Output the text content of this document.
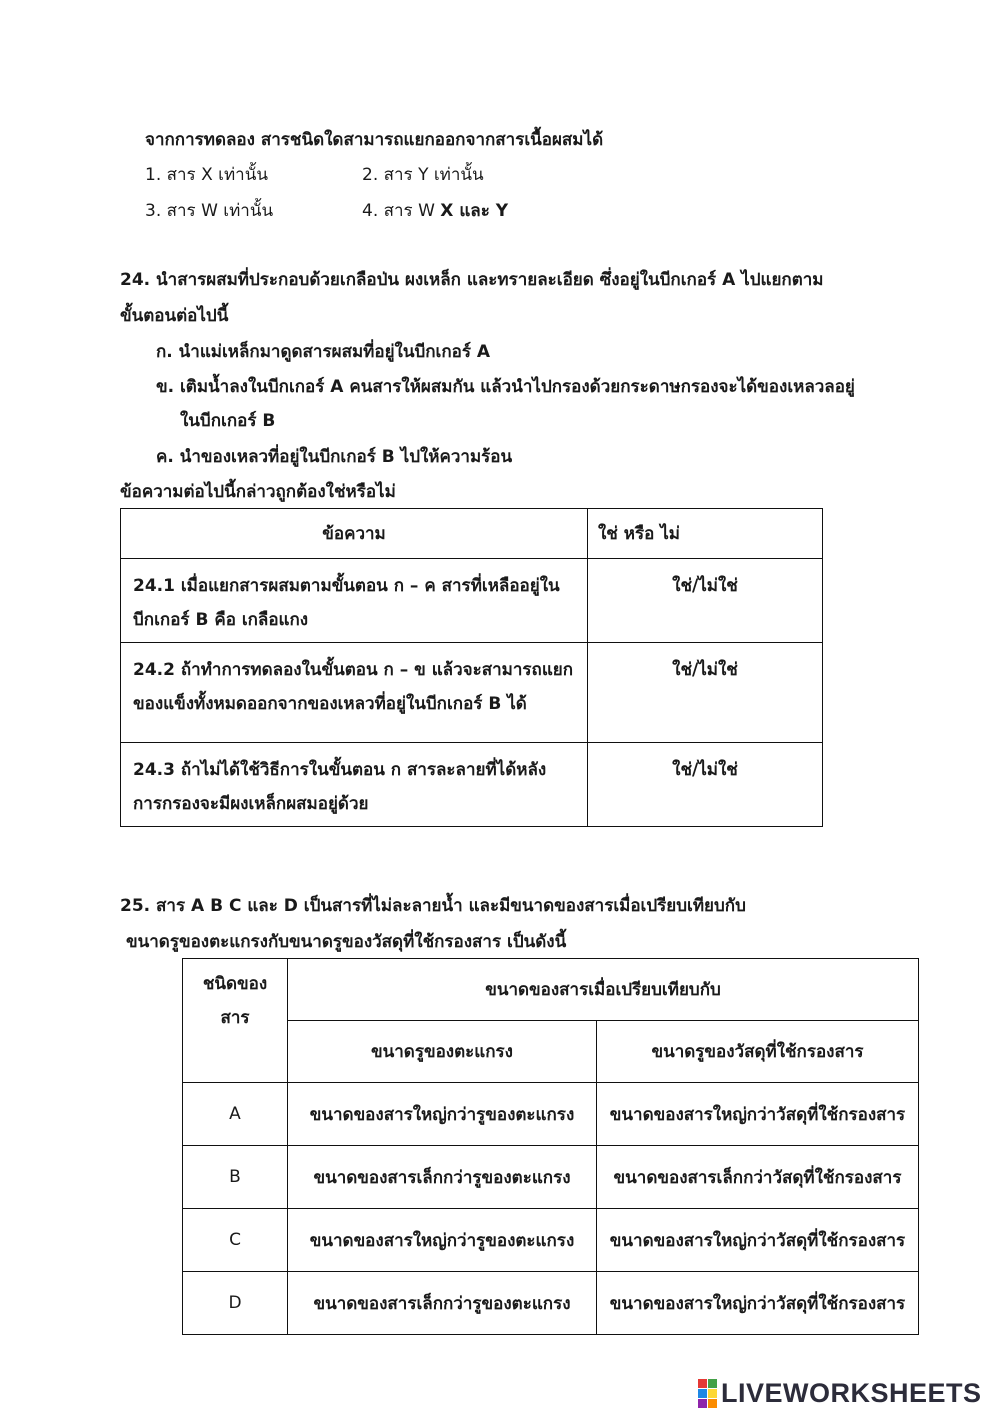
จากการทดลอง สารชนิดใดสามารถแยกออกจากสารเนื้อผสมได้
1. สาร X เท่านั้น	2. สาร Y เท่านั้น
3. สาร W เท่านั้น	4. สาร W X และ Y
24. นำสารผสมที่ประกอบด้วยเกลือป่น ผงเหล็ก และทรายละเอียด ซึ่งอยู่ในบีกเกอร์ A ไปแยกตาม
ขั้นตอนต่อไปนี้
ก. นำแม่เหล็กมาดูดสารผสมที่อยู่ในบีกเกอร์ A
ข. เติมน้ำลงในบีกเกอร์ A คนสารให้ผสมกัน แล้วนำไปกรองด้วยกระดาษกรองจะได้ของเหลวลอยู่
ในบีกเกอร์ B
ค. นำของเหลวที่อยู่ในบีกเกอร์ B ไปให้ความร้อน
ข้อความต่อไปนี้กล่าวถูกต้องใช่หรือไม่
ข้อความ	ใช่ หรือ ไม่

24.1 เมื่อแยกสารผสมตามขั้นตอน ก – ค สารที่เหลืออยู่ใน
บีกเกอร์ B คือ เกลือแกง	ใช่/ไม่ใช่

24.2 ถ้าทำการทดลองในขั้นตอน ก – ข แล้วจะสามารถแยก
ของแข็งทั้งหมดออกจากของเหลวที่อยู่ในบีกเกอร์ B ได้	ใช่/ไม่ใช่

24.3 ถ้าไม่ได้ใช้วิธีการในขั้นตอน ก สารละลายที่ได้หลัง
การกรองจะมีผงเหล็กผสมอยู่ด้วย	ใช่/ไม่ใช่
25. สาร A B C และ D เป็นสารที่ไม่ละลายน้ำ และมีขนาดของสารเมื่อเปรียบเทียบกับ
ขนาดรูของตะแกรงกับขนาดรูของวัสดุที่ใช้กรองสาร เป็นดังนี้
ชนิดของ
สาร	ขนาดของสารเมื่อเปรียบเทียบกับ	
	ขนาดรูของตะแกรง	ขนาดรูของวัสดุที่ใช้กรองสาร
A	ขนาดของสารใหญ่กว่ารูของตะแกรง	ขนาดของสารใหญ่กว่าวัสดุที่ใช้กรองสาร
B	ขนาดของสารเล็กกว่ารูของตะแกรง	ขนาดของสารเล็กกว่าวัสดุที่ใช้กรองสาร
C	ขนาดของสารใหญ่กว่ารูของตะแกรง	ขนาดของสารใหญ่กว่าวัสดุที่ใช้กรองสาร
D	ขนาดของสารเล็กกว่ารูของตะแกรง	ขนาดของสารใหญ่กว่าวัสดุที่ใช้กรองสาร
LIVEWORKSHEETS
